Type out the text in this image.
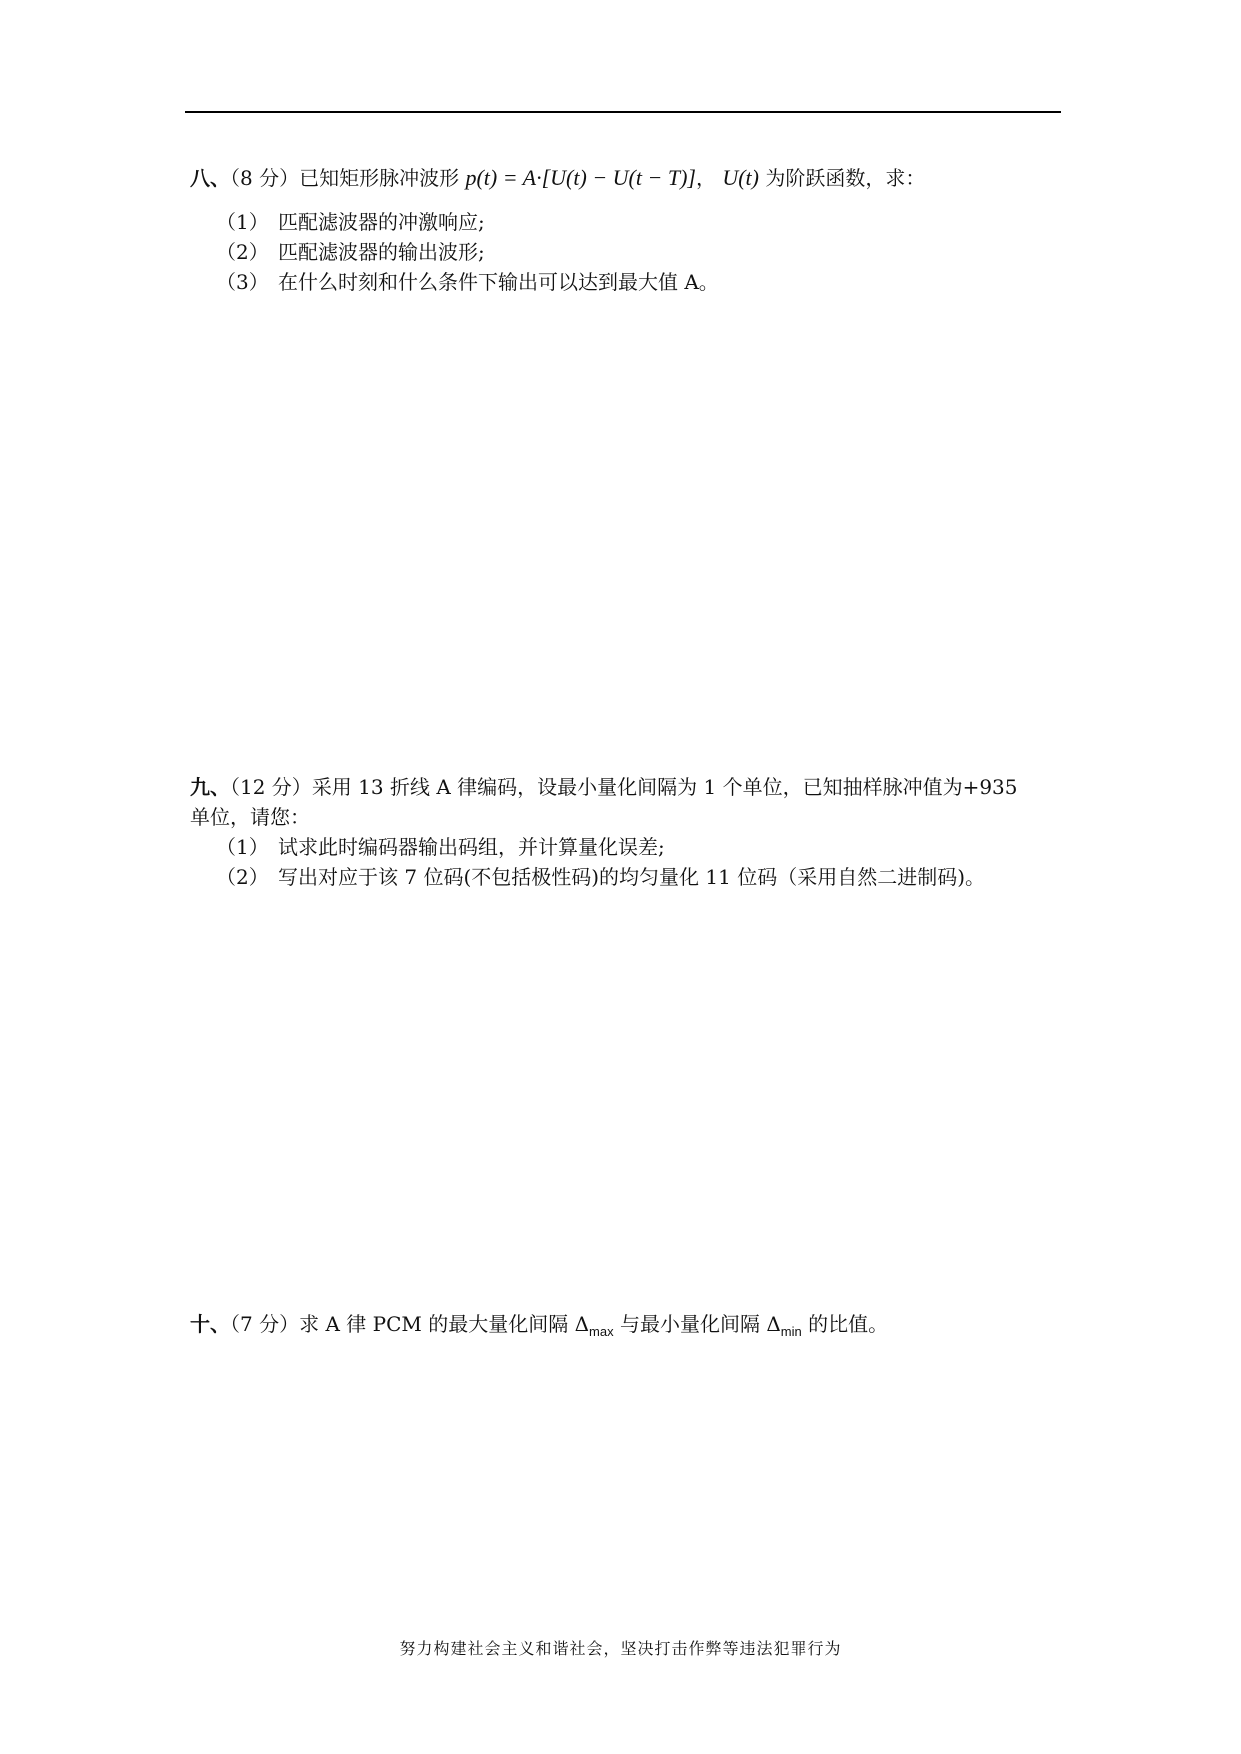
八、（8 分）已知矩形脉冲波形 p(t) = A·[U(t) − U(t − T)]， U(t) 为阶跃函数，求：
（1） 匹配滤波器的冲激响应;
（2） 匹配滤波器的输出波形;
（3） 在什么时刻和什么条件下输出可以达到最大值 A。
九、（12 分）采用 13 折线 A 律编码，设最小量化间隔为 1 个单位，已知抽样脉冲值为+935
单位，请您：
（1） 试求此时编码器输出码组，并计算量化误差;
（2） 写出对应于该 7 位码(不包括极性码)的均匀量化 11 位码（采用自然二进制码)。
十、（7 分）求 A 律 PCM 的最大量化间隔 $\Delta_{max}$ 与最小量化间隔 $\Delta_{min}$ 的比值。
努力构建社会主义和谐社会，坚决打击作弊等违法犯罪行为
